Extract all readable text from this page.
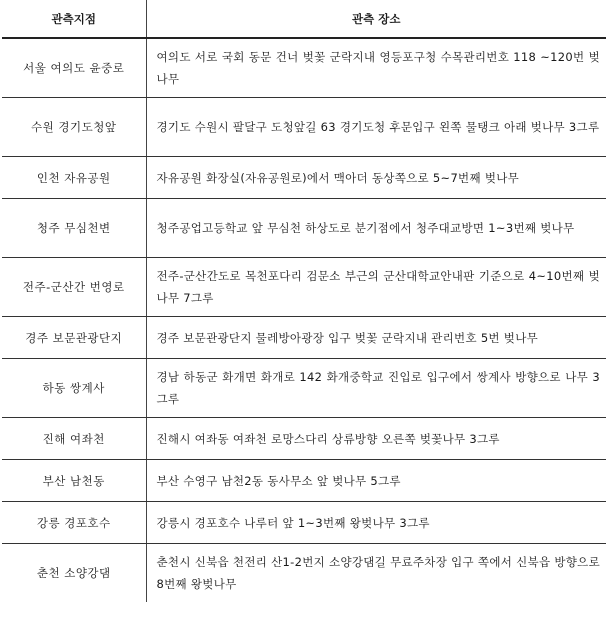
관측지점	관측 장소
서울 여의도 윤중로	여의도 서로 국회 동문 건너 벚꽃 군락지내 영등포구청 수목관리번호 118 ~120번 벚나무
수원 경기도청앞	경기도 수원시 팔달구 도청앞길 63 경기도청 후문입구 왼쪽 물탱크 아래 벚나무 3그루
인천 자유공원	자유공원 화장실(자유공원로)에서 맥아더 동상쪽으로 5~7번째 벚나무
청주 무심천변	청주공업고등학교 앞 무심천 하상도로 분기점에서 청주대교방면 1~3번째 벚나무
전주-군산간 번영로	전주-군산간도로 목천포다리 검문소 부근의 군산대학교안내판 기준으로 4~10번째 벚나무 7그루
경주 보문관광단지	경주 보문관광단지 물레방아광장 입구 벚꽃 군락지내 관리번호 5번 벚나무
하동 쌍계사	경남 하동군 화개면 화개로 142 화개중학교 진입로 입구에서 쌍계사 방향으로 나무 3그루
진해 여좌천	진해시 여좌동 여좌천 로망스다리 상류방향 오른쪽 벚꽃나무 3그루
부산 남천동	부산 수영구 남천2동 동사무소 앞 벚나무 5그루
강릉 경포호수	강릉시 경포호수 나루터 앞 1~3번째 왕벚나무 3그루
춘천 소양강댐	춘천시 신북읍 천전리 산1-2번지 소양강댐길 무료주차장 입구 쪽에서 신북읍 방향으로 8번째 왕벚나무
